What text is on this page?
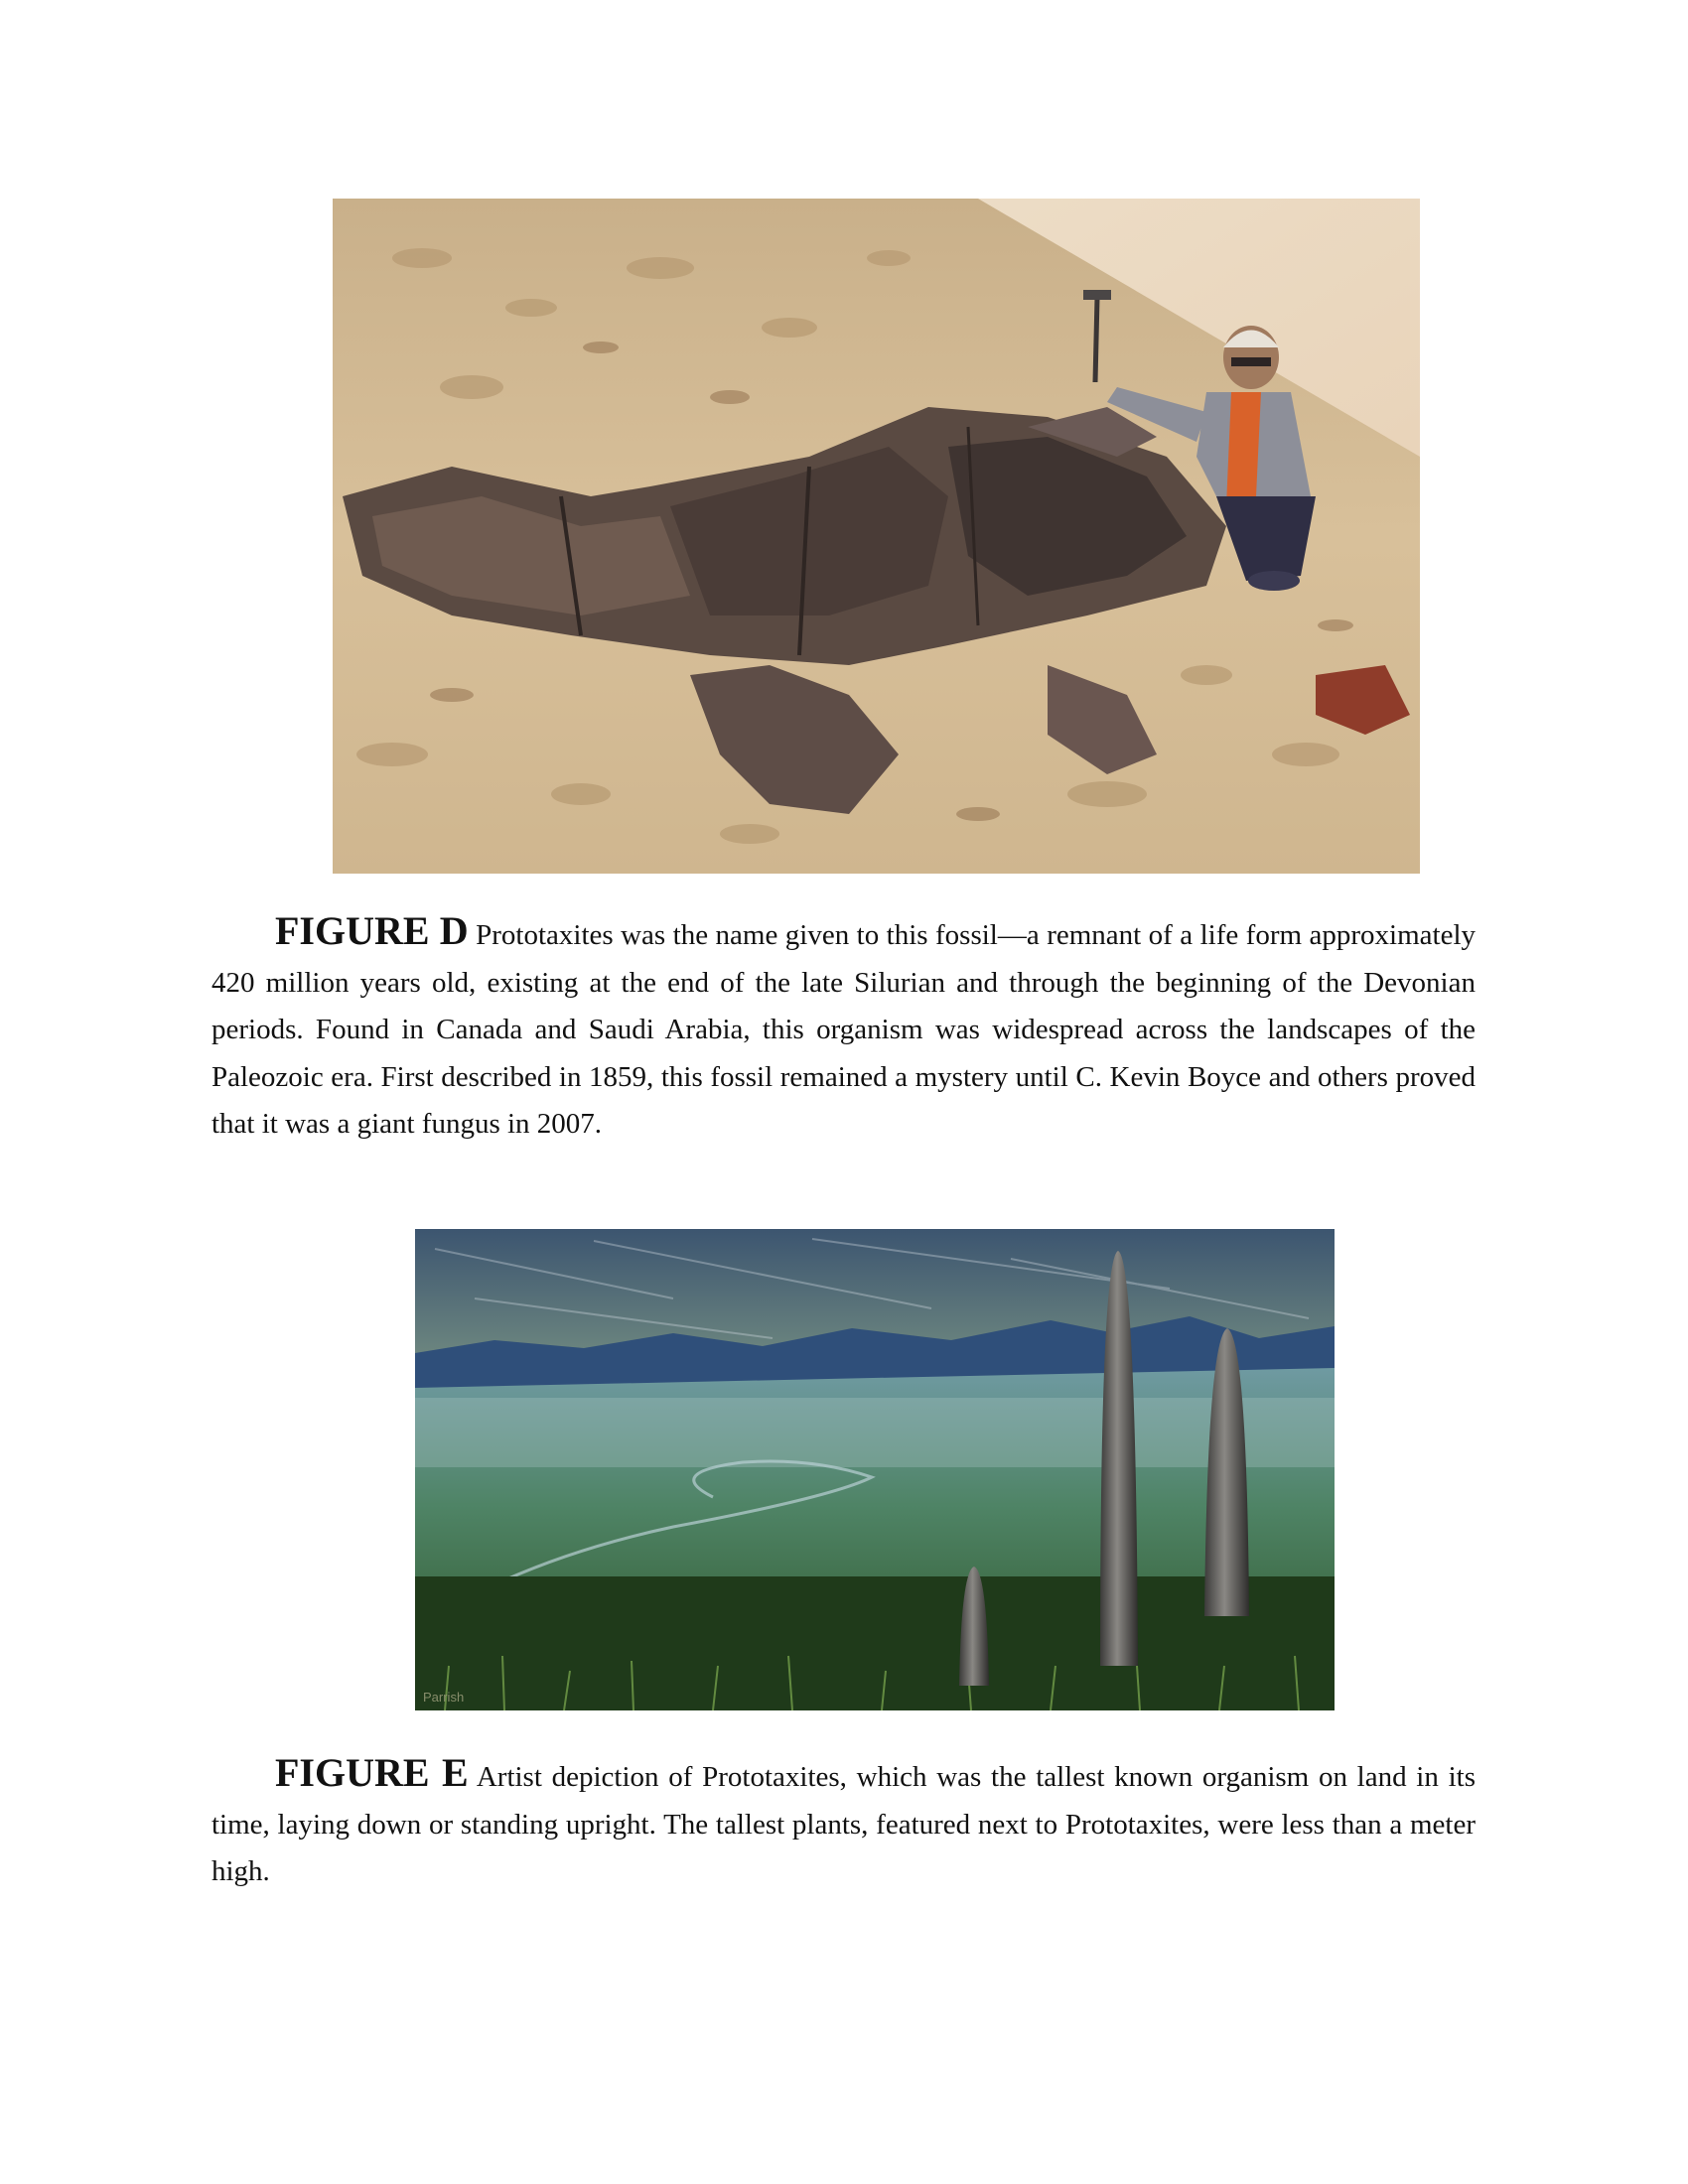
FIGURE D Prototaxites was the name given to this fossil—a remnant of a life form approximately 420 million years old, existing at the end of the late Silurian and through the beginning of the Devonian periods. Found in Canada and Saudi Arabia, this organism was widespread across the landscapes of the Paleozoic era. First described in 1859, this fossil remained a mystery until C. Kevin Boyce and others proved that it was a giant fungus in 2007.

Parrish

FIGURE E Artist depiction of Prototaxites, which was the tallest known organism on land in its time, laying down or standing upright. The tallest plants, featured next to Prototaxites, were less than a meter high.
